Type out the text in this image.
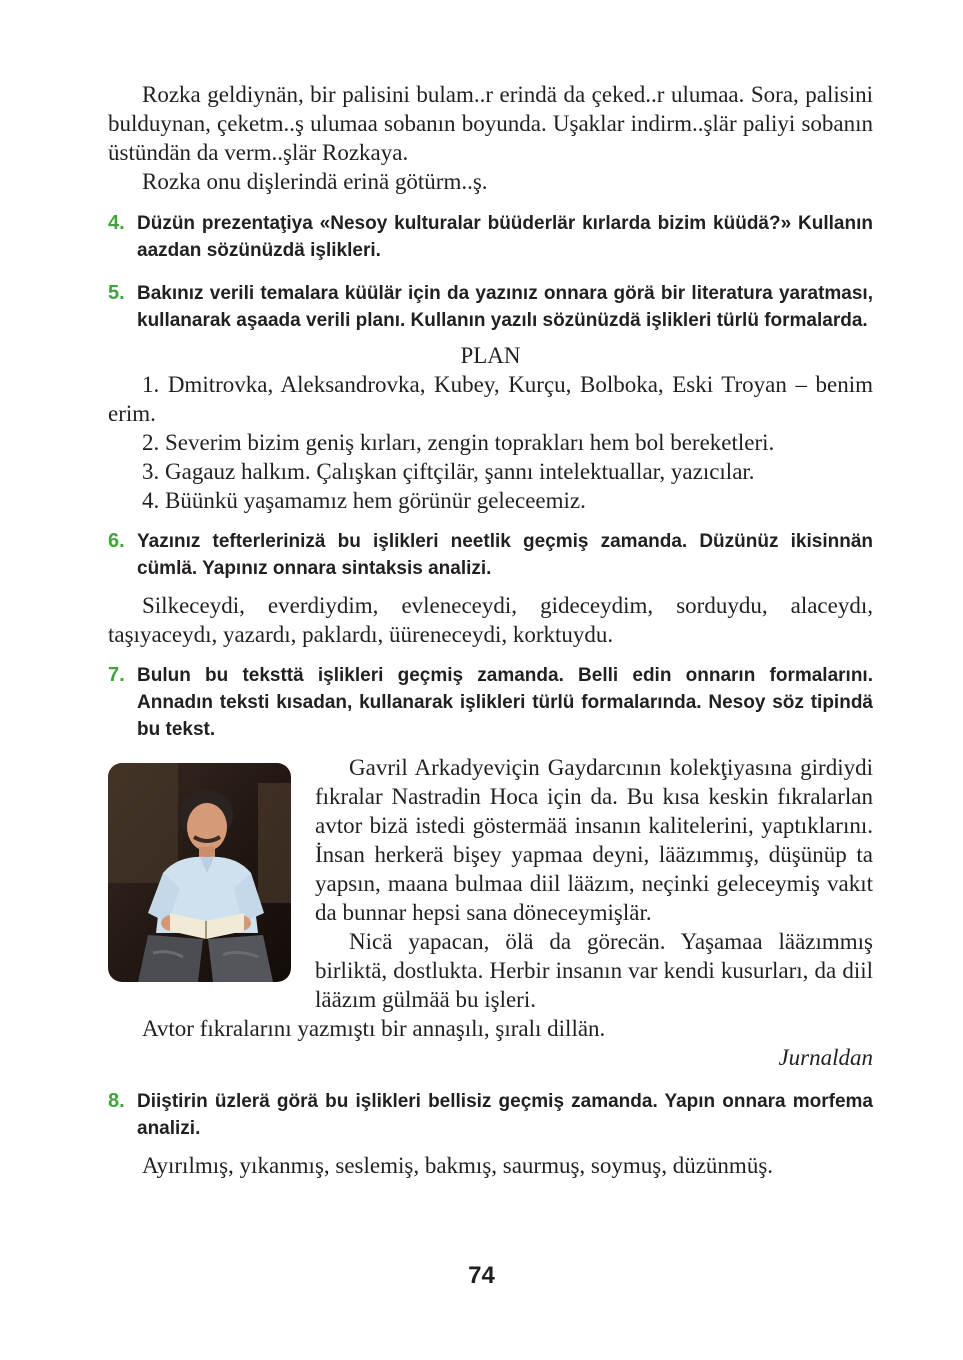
Rozka geldiynän, bir palisini bulam..r erindä da çeked..r ulumaa. Sora, palisini bulduynan, çeketm..ş ulumaa sobanın boyunda. Uşaklar indirm..şlär paliyi sobanın üstündän da verm..şlär Rozkaya.

Rozka onu dişlerindä erinä götürm..ş.

4. Düzün prezentaţiya «Nesoy kulturalar büüderlär kırlarda bizim küüdä?» Kullanın aazdan sözünüzdä işlikleri.
5. Bakınız verili temalara küülär için da yazınız onnara görä bir literatura yaratması, kullanarak aşaada verili planı. Kullanın yazılı sözünüzdä işlikleri türlü formalarda.

PLAN

1. Dmitrovka, Aleksandrovka, Kubey, Kurçu, Bolboka, Eski Troyan – benim erim.

2. Severim bizim geniş kırları, zengin toprakları hem bol bereketleri.

3. Gagauz halkım. Çalışkan çiftçilär, şannı intelektuallar, yazıcılar.

4. Büünkü yaşamamız hem görünür geleceemiz.

6. Yazınız tefterlerinizä bu işlikleri neetlik geçmiş zamanda. Düzünüz ikisinnän cümlä. Yapınız onnara sintaksis analizi.

Silkeceydi, everdiydim, evleneceydi, gideceydim, sorduydu, alaceydı, taşıyaceydı, yazardı, paklardı, üüreneceydi, korktuydu.

7. Bulun bu teksttä işlikleri geçmiş zamanda. Belli edin onnarın formalarını. Annadın teksti kısadan, kullanarak işlikleri türlü formalarında. Nesoy söz tipindä bu tekst.

Gavril Arkadyeviçin Gaydarcının kolekţiyasına girdiydi fıkralar Nastradin Hoca için da. Bu kısa keskin fıkralarlan avtor bizä istedi göstermää insanın kalitelerini, yaptıklarını. İnsan herkerä bişey yapmaa deyni, lääzımmış, düşünüp ta yapsın, maana bulmaa diil lääzım, neçinki geleceymiş vakıt da bunnar hepsi sana döneceymişlär.

Nicä yapacan, ölä da görecän. Yaşamaa lääzımmış birliktä, dostlukta. Herbir insanın var kendi kusurları, da diil lääzım gülmää bu işleri.

Avtor fıkralarını yazmıştı bir annaşılı, şıralı dillän.

Jurnaldan

8. Diiştirin üzlerä görä bu işlikleri bellisiz geçmiş zamanda. Yapın onnara morfema analizi.

Ayırılmış, yıkanmış, seslemiş, bakmış, saurmuş, soymuş, düzünmüş.

74
